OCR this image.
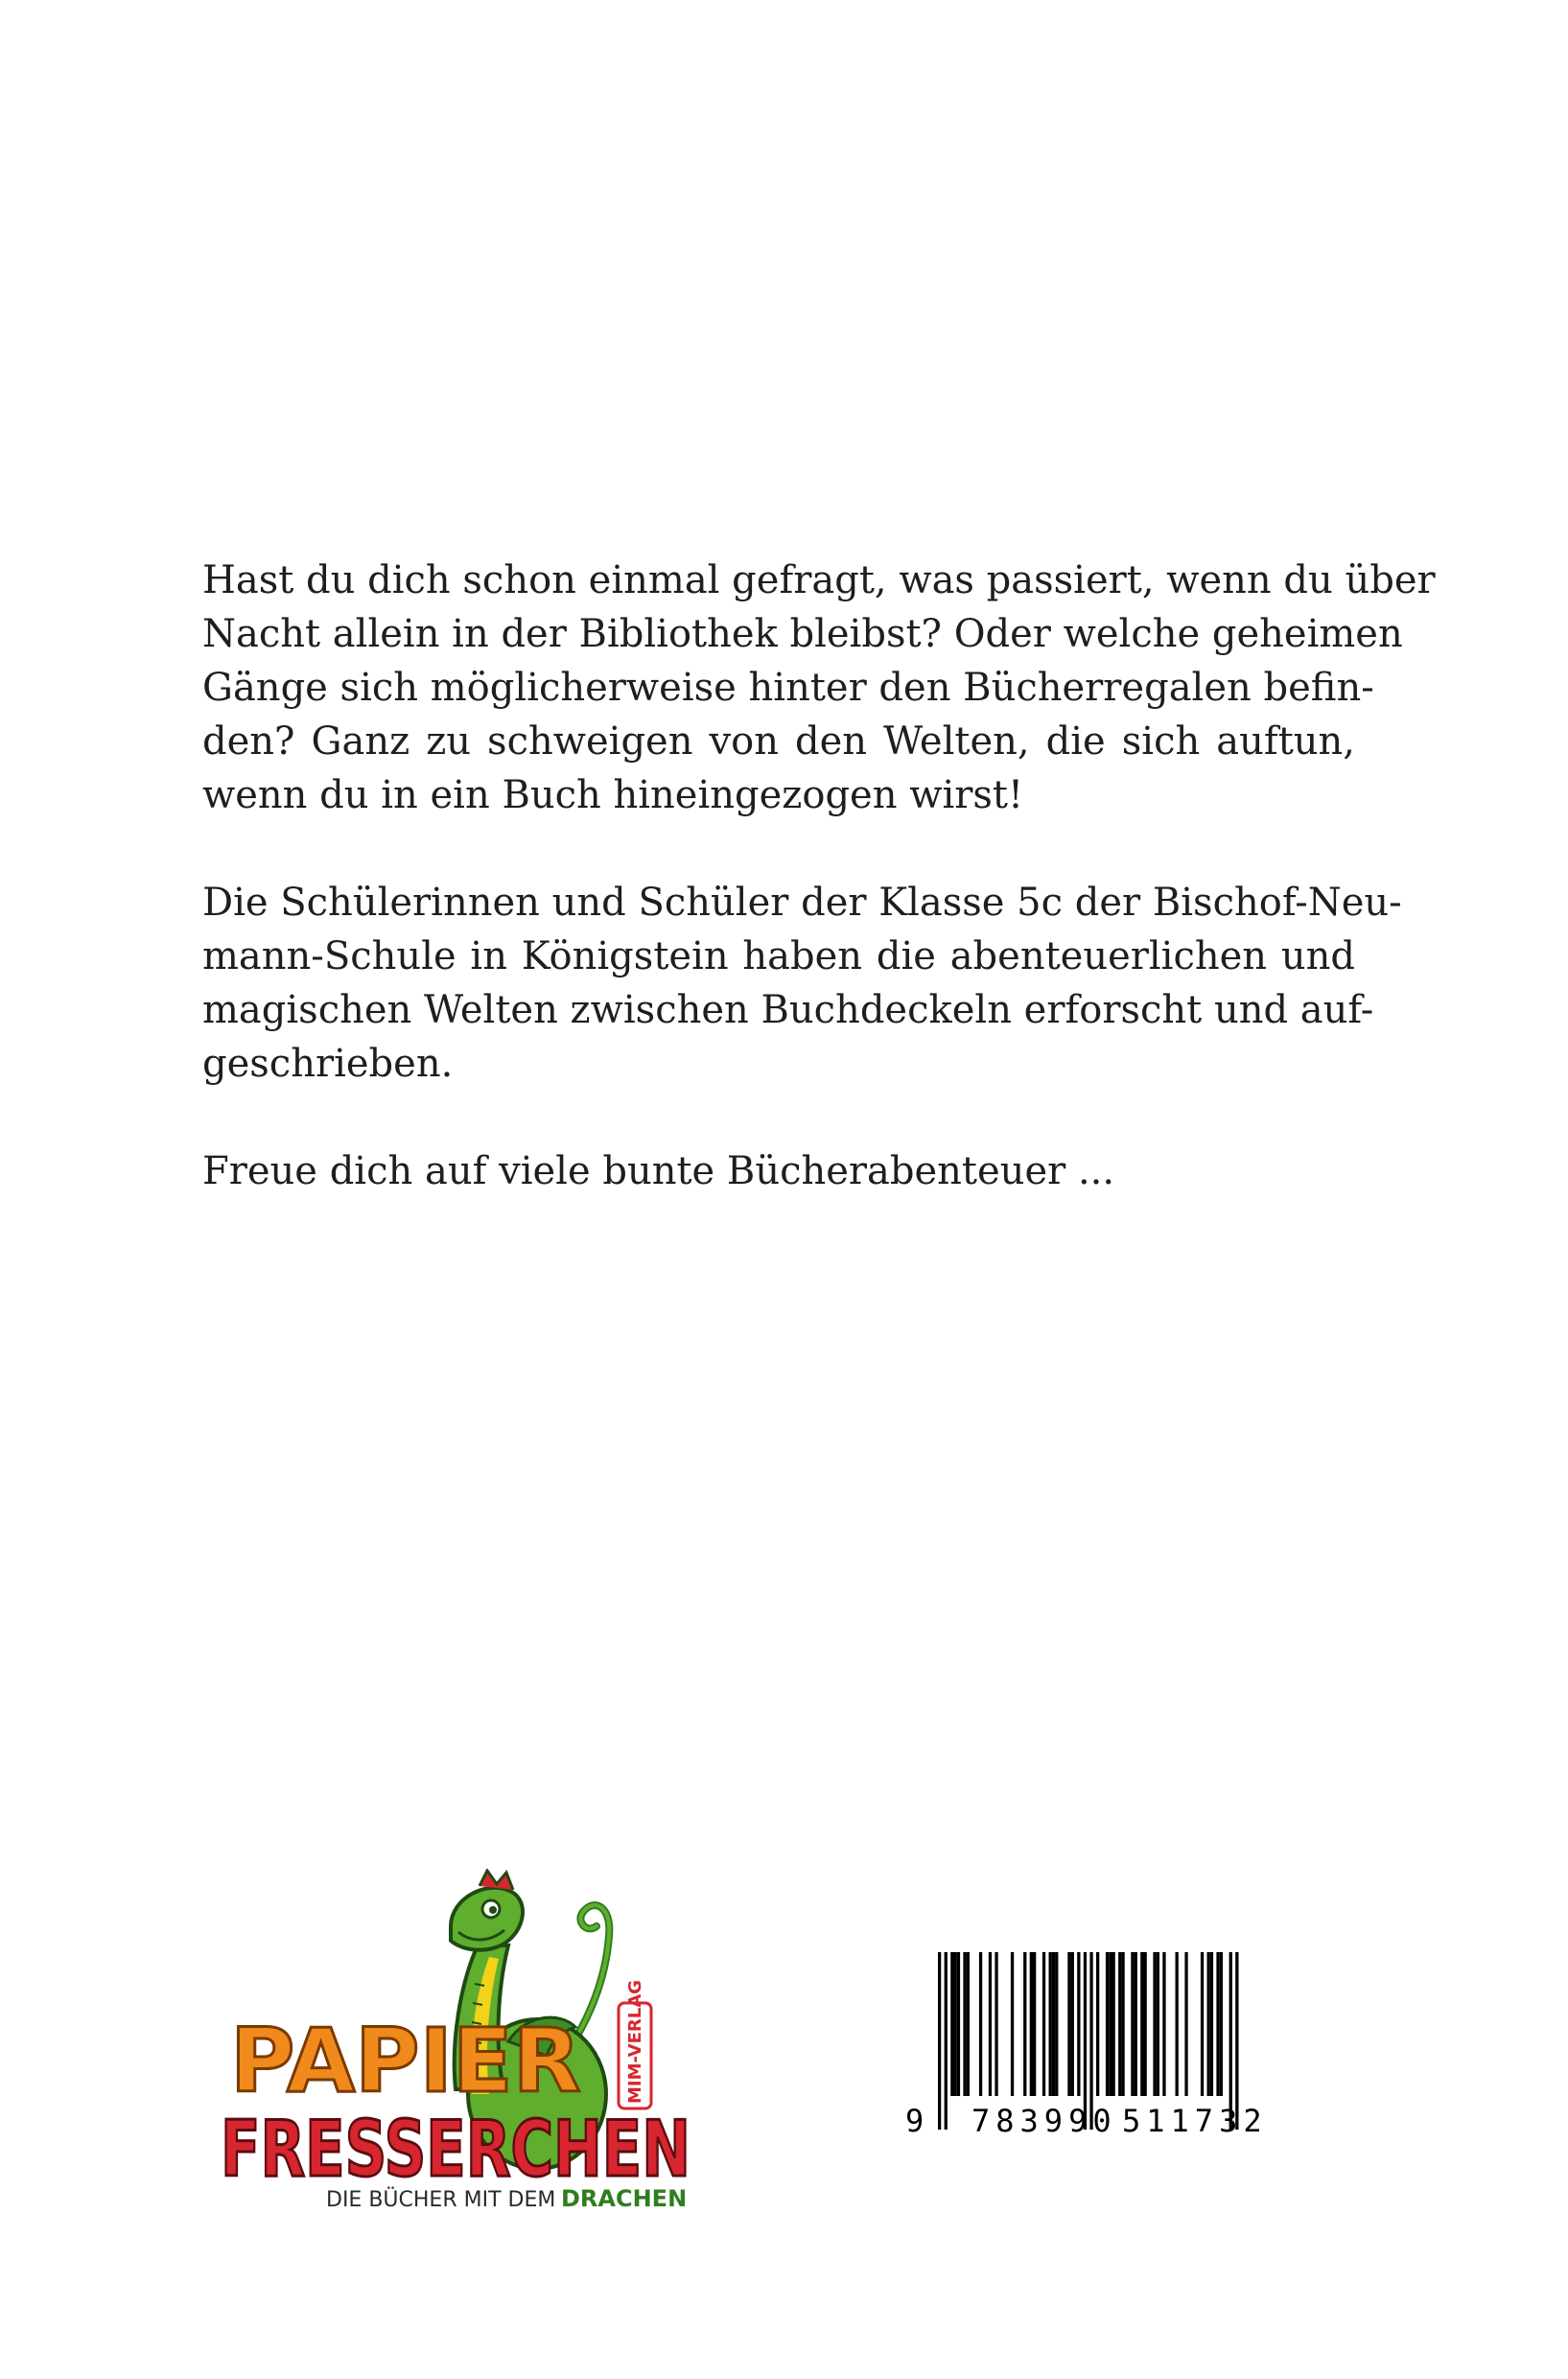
Hast du dich schon einmal gefragt, was passiert, wenn du über
Nacht allein in der Bibliothek bleibst? Oder welche geheimen
Gänge sich möglicherweise hinter den Bücherregalen befin-
den? Ganz zu schweigen von den Welten, die sich auftun,
wenn du in ein Buch hineingezogen wirst!
Die Schülerinnen und Schüler der Klasse 5c der Bischof-Neu-
mann-Schule in Königstein haben die abenteuerlichen und
magischen Welten zwischen Buchdeckeln erforscht und auf-
geschrieben.
Freue dich auf viele bunte Bücherabenteuer ...
MIM-VERLAG
PAPIER
FRESSERCHEN
DIE BÜCHER MIT DEM DRACHEN
9 783990 511732
